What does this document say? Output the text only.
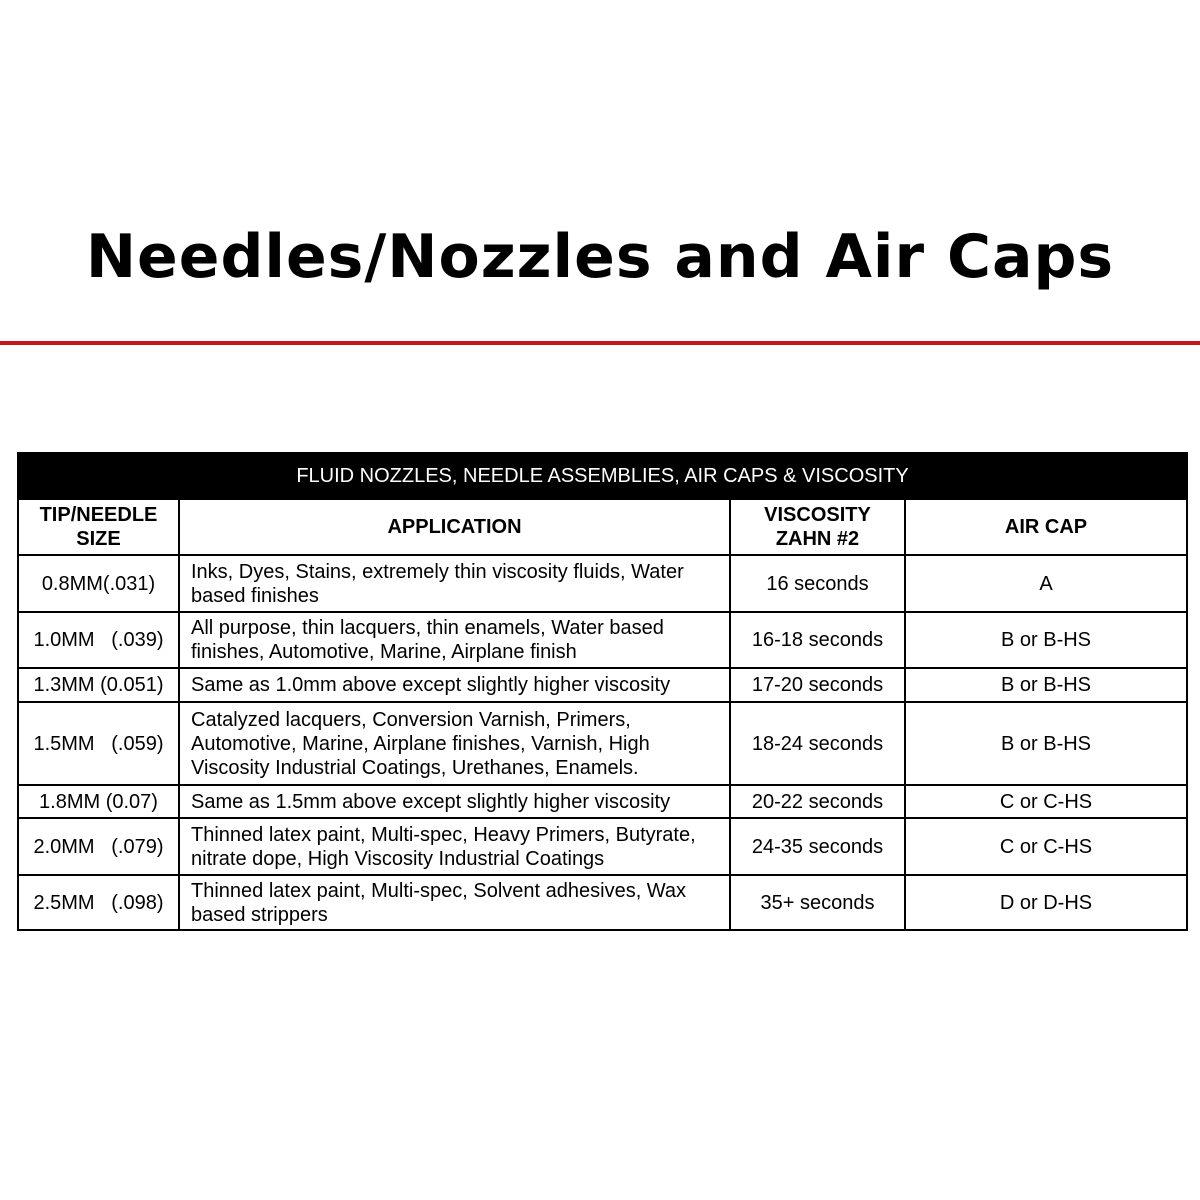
Needles/Nozzles and Air Caps
FLUID NOZZLES, NEEDLE ASSEMBLIES, AIR CAPS & VISCOSITY			
TIP/NEEDLE SIZE	APPLICATION	VISCOSITY ZAHN #2	AIR CAP
0.8MM(.031)	Inks, Dyes, Stains, extremely thin viscosity fluids, Water based finishes	16 seconds	A
1.0MM   (.039)	All purpose, thin lacquers, thin enamels, Water based finishes, Automotive, Marine, Airplane finish	16-18 seconds	B or B-HS
1.3MM (0.051)	Same as 1.0mm above except slightly higher viscosity	17-20 seconds	B or B-HS
1.5MM   (.059)	Catalyzed lacquers, Conversion Varnish, Primers, Automotive, Marine, Airplane finishes, Varnish, High Viscosity Industrial Coatings, Urethanes, Enamels.	18-24 seconds	B or B-HS
1.8MM (0.07)	Same as 1.5mm above except slightly higher viscosity	20-22 seconds	C or C-HS
2.0MM   (.079)	Thinned latex paint, Multi-spec, Heavy Primers, Butyrate, nitrate dope, High Viscosity Industrial Coatings	24-35 seconds	C or C-HS
2.5MM   (.098)	Thinned latex paint, Multi-spec, Solvent adhesives, Wax based strippers	35+ seconds	D or D-HS
